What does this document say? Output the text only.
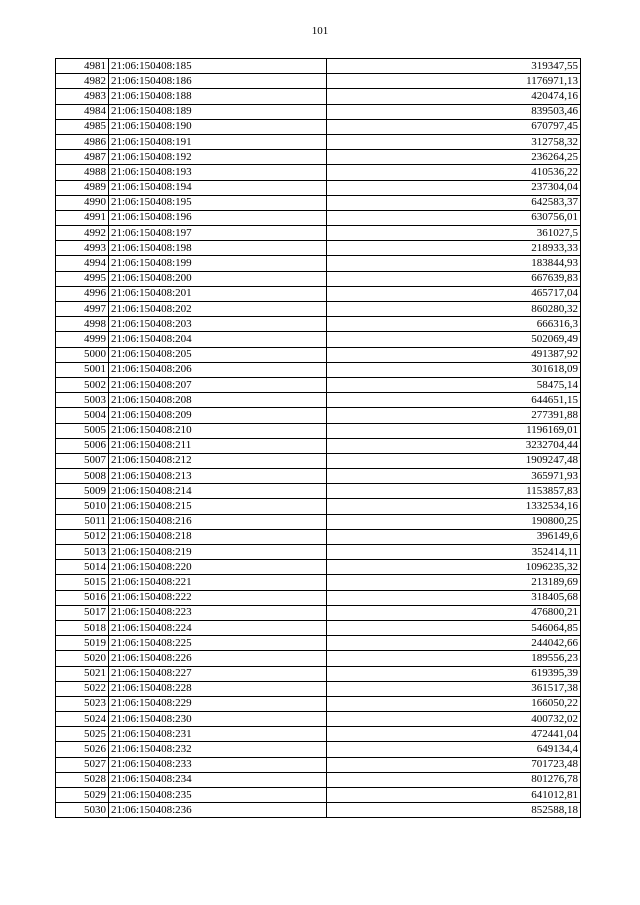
101
4981	21:06:150408:185	319347,55
4982	21:06:150408:186	1176971,13
4983	21:06:150408:188	420474,16
4984	21:06:150408:189	839503,46
4985	21:06:150408:190	670797,45
4986	21:06:150408:191	312758,32
4987	21:06:150408:192	236264,25
4988	21:06:150408:193	410536,22
4989	21:06:150408:194	237304,04
4990	21:06:150408:195	642583,37
4991	21:06:150408:196	630756,01
4992	21:06:150408:197	361027,5
4993	21:06:150408:198	218933,33
4994	21:06:150408:199	183844,93
4995	21:06:150408:200	667639,83
4996	21:06:150408:201	465717,04
4997	21:06:150408:202	860280,32
4998	21:06:150408:203	666316,3
4999	21:06:150408:204	502069,49
5000	21:06:150408:205	491387,92
5001	21:06:150408:206	301618,09
5002	21:06:150408:207	58475,14
5003	21:06:150408:208	644651,15
5004	21:06:150408:209	277391,88
5005	21:06:150408:210	1196169,01
5006	21:06:150408:211	3232704,44
5007	21:06:150408:212	1909247,48
5008	21:06:150408:213	365971,93
5009	21:06:150408:214	1153857,83
5010	21:06:150408:215	1332534,16
5011	21:06:150408:216	190800,25
5012	21:06:150408:218	396149,6
5013	21:06:150408:219	352414,11
5014	21:06:150408:220	1096235,32
5015	21:06:150408:221	213189,69
5016	21:06:150408:222	318405,68
5017	21:06:150408:223	476800,21
5018	21:06:150408:224	546064,85
5019	21:06:150408:225	244042,66
5020	21:06:150408:226	189556,23
5021	21:06:150408:227	619395,39
5022	21:06:150408:228	361517,38
5023	21:06:150408:229	166050,22
5024	21:06:150408:230	400732,02
5025	21:06:150408:231	472441,04
5026	21:06:150408:232	649134,4
5027	21:06:150408:233	701723,48
5028	21:06:150408:234	801276,78
5029	21:06:150408:235	641012,81
5030	21:06:150408:236	852588,18
